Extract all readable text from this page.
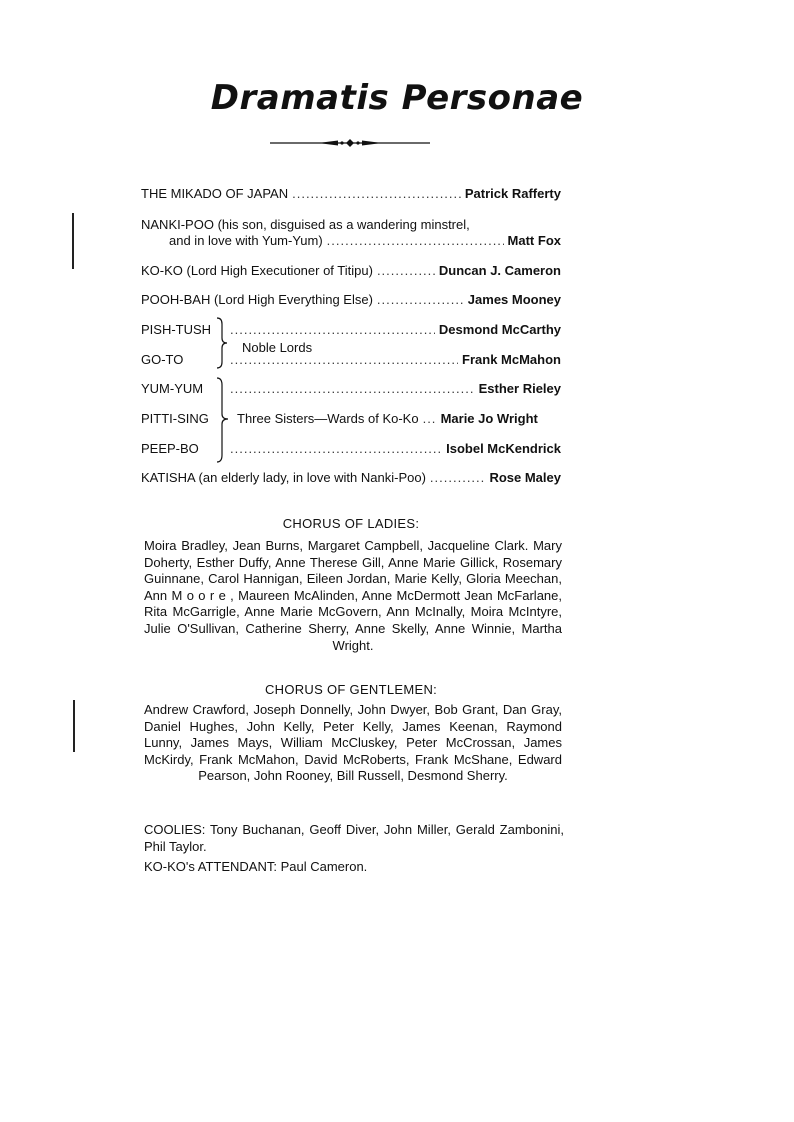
Dramatis Personae
THE MIKADO OF JAPAN .....	Patrick Rafferty
NANKI-POO (his son, disguised as a wandering minstrel,
and in love with Yum-Yum) .....	Matt Fox
KO-KO (Lord High Executioner of Titipu) .....	Duncan J. Cameron
POOH-BAH (Lord High Everything Else) .....	James Mooney
PISH-TUSH .....	Desmond McCarthy
Noble Lords
GO-TO .....	Frank McMahon
YUM-YUM .....	Esther Rieley
PITTI-SING Three Sisters—Wards of Ko-Ko ..... Marie Jo Wright
PEEP-BO .....	Isobel McKendrick
KATISHA (an elderly lady, in love with Nanki-Poo) .....	Rose Maley
CHORUS OF LADIES:

Moira Bradley, Jean Burns, Margaret Campbell, Jacqueline Clark. Mary Doherty, Esther Duffy, Anne Therese Gill, Anne Marie Gillick, Rosemary Guinnane, Carol Hannigan, Eileen Jordan, Marie Kelly, Gloria Meechan, Ann M o o r e , Maureen McAlinden, Anne McDermott Jean McFarlane, Rita McGarrigle, Anne Marie McGovern, Ann McInally, Moira McIntyre, Julie O'Sullivan, Catherine Sherry, Anne Skelly, Anne Winnie, Martha Wright.

CHORUS OF GENTLEMEN:

Andrew Crawford, Joseph Donnelly, John Dwyer, Bob Grant, Dan Gray, Daniel Hughes, John Kelly, Peter Kelly, James Keenan, Raymond Lunny, James Mays, William McCluskey, Peter McCrossan, James McKirdy, Frank McMahon, David McRoberts, Frank McShane, Edward Pearson, John Rooney, Bill Russell, Desmond Sherry.

COOLIES: Tony Buchanan, Geoff Diver, John Miller, Gerald Zambonini, Phil Taylor.

KO-KO's ATTENDANT: Paul Cameron.
